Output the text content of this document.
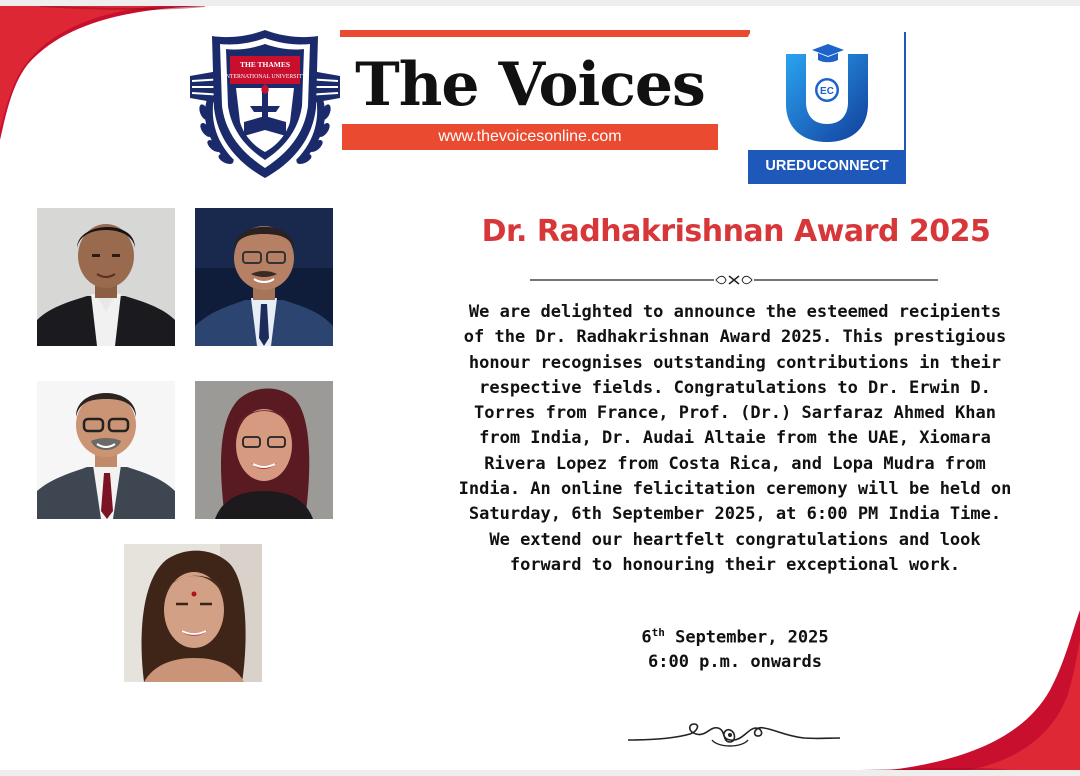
THE THAMES
INTERNATIONAL UNIVERSITY The Voices
www.thevoicesonline.com
EC
UREDUCONNECT
Dr. Radhakrishnan Award 2025
We are delighted to announce the esteemed recipients
of the Dr. Radhakrishnan Award 2025. This prestigious
honour recognises outstanding contributions in their
respective fields. Congratulations to Dr. Erwin D.
Torres from France, Prof. (Dr.) Sarfaraz Ahmed Khan
from India, Dr. Audai Altaie from the UAE, Xiomara
Rivera Lopez from Costa Rica, and Lopa Mudra from
India. An online felicitation ceremony will be held on
Saturday, 6th September 2025, at 6:00 PM India Time.
We extend our heartfelt congratulations and look
forward to honouring their exceptional work.
6th September, 2025
6:00 p.m. onwards
